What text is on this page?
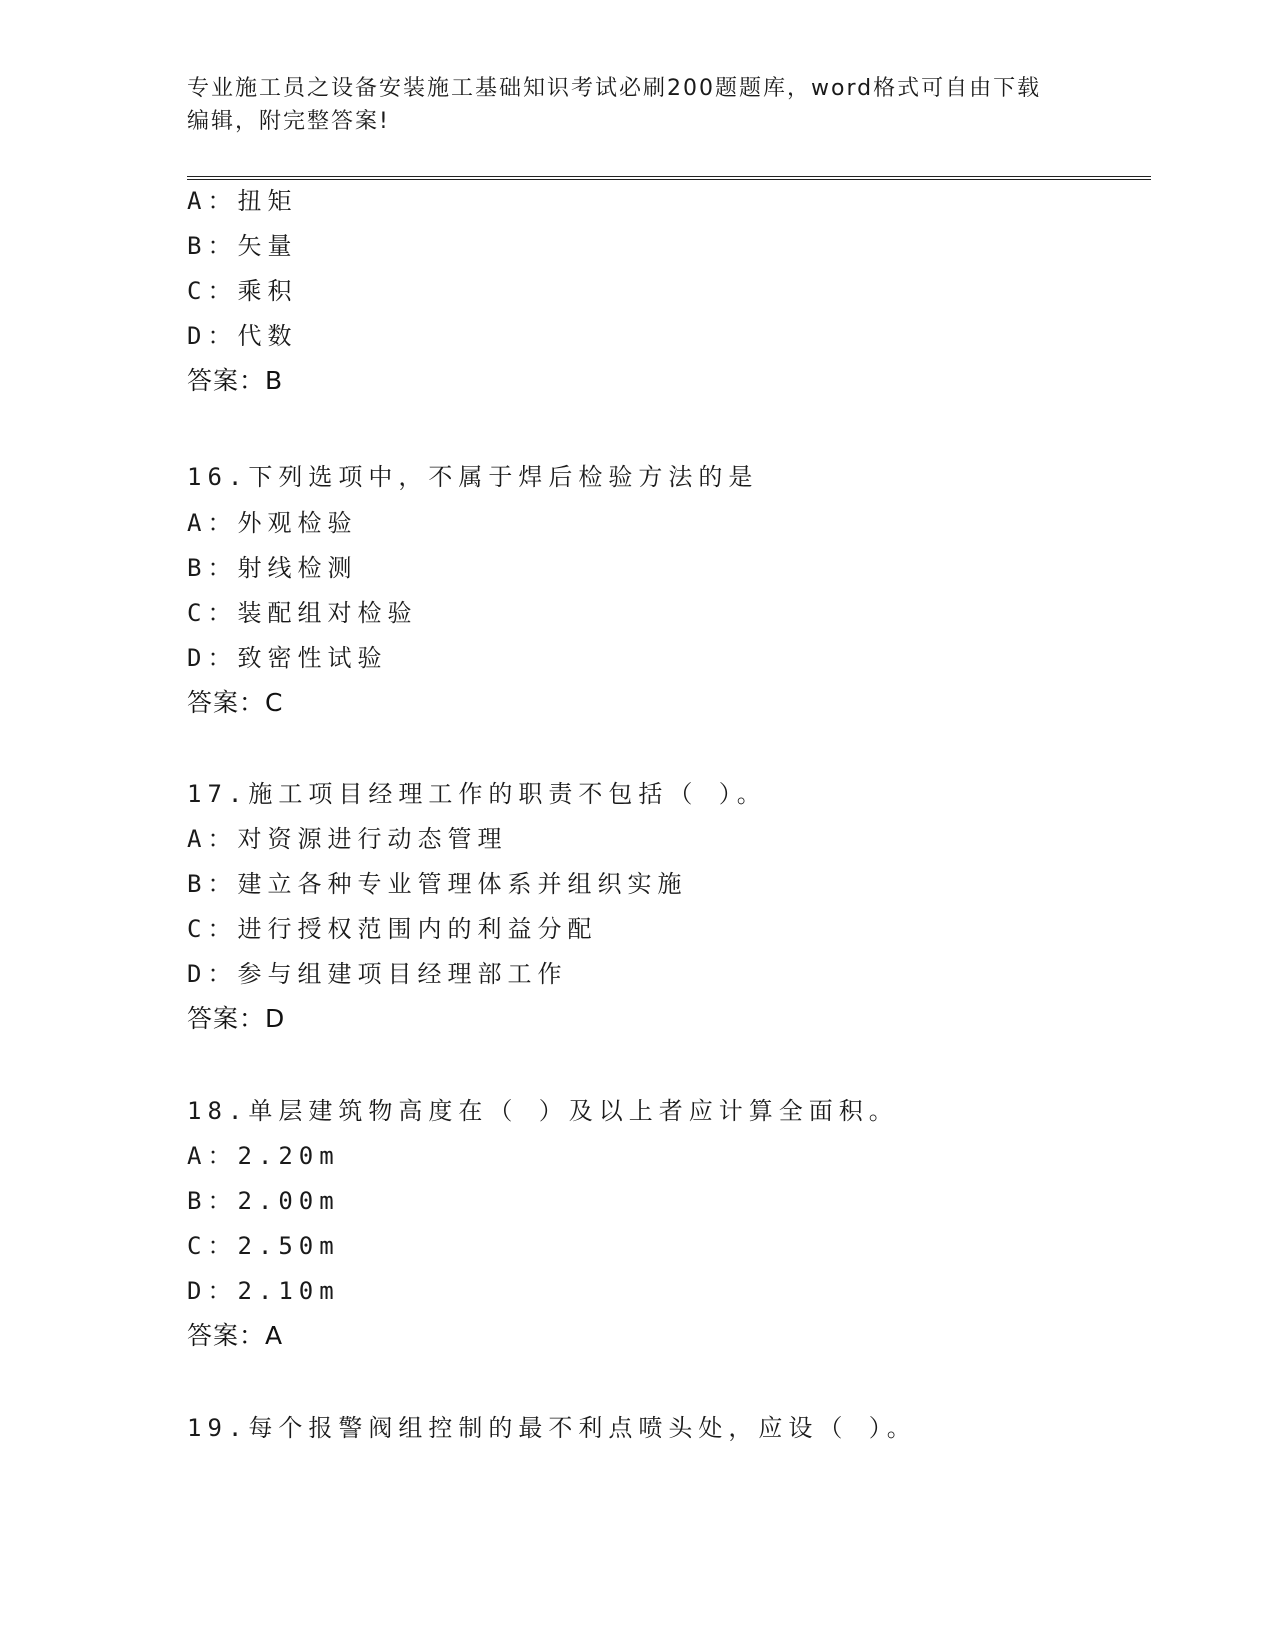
专业施工员之设备安装施工基础知识考试必刷200题题库，word格式可自由下载
编辑，附完整答案!
A：扭矩
B：矢量
C：乘积
D：代数
答案：B
16.下列选项中，不属于焊后检验方法的是
A：外观检验
B：射线检测
C：装配组对检验
D：致密性试验
答案：C
17.施工项目经理工作的职责不包括（ ）。
A：对资源进行动态管理
B：建立各种专业管理体系并组织实施
C：进行授权范围内的利益分配
D：参与组建项目经理部工作
答案：D
18.单层建筑物高度在（ ）及以上者应计算全面积。
A：2.20m
B：2.00m
C：2.50m
D：2.10m
答案：A
19.每个报警阀组控制的最不利点喷头处，应设（ ）。
